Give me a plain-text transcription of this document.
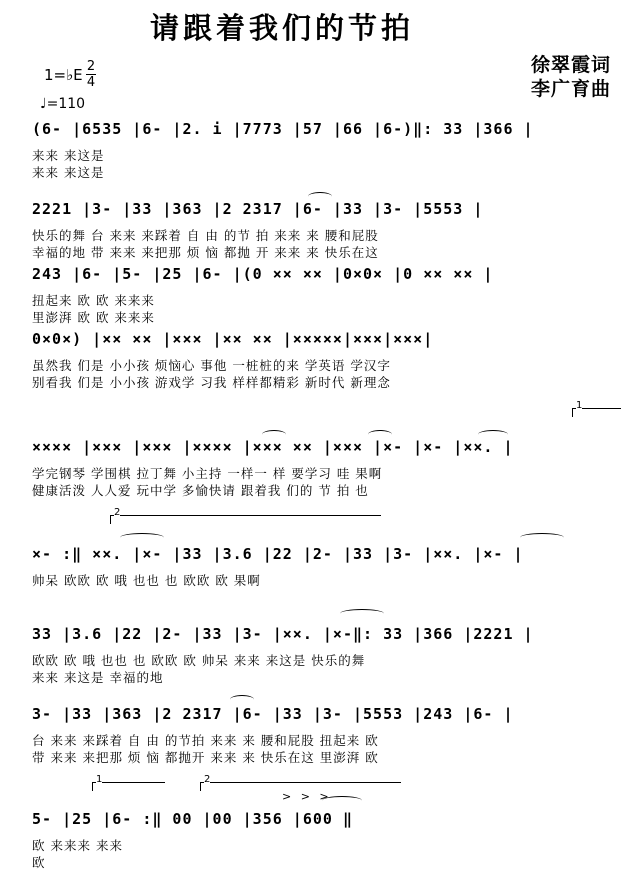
请跟着我们的节拍
徐翠霞词
李广育曲
1=♭E 2
4
♩=110
(6- |6535 |6- |2. i |7773 |57 |66 |6-)‖: 33 |366 |
来来 来这是
来来 来这是
2221 |3- |33 |363 |2 2317 |6- |33 |3- |5553 |
快乐的舞 台 来来 来踩着 自 由 的节 拍 来来 来 腰和屁股
幸福的地 带 来来 来把那 烦 恼 都抛 开 来来 来 快乐在这
243 |6- |5- |25 |6- |(0 ×× ×× |0×0× |0 ×× ×× |
扭起来 欧 欧 来来来
里澎湃 欧 欧 来来来
0×0×) |×× ×× |××× |×× ×× |×××××|×××|×××|
虽然我 们是 小小孩 烦恼心 事他 一桩桩的来 学英语 学汉字
别看我 们是 小小孩 游戏学 习我 样样都精彩 新时代 新理念
1
×××× |××× |××× |×××× |××× ×× |××× |×- |×- |××. |
学完钢琴 学围棋 拉丁舞 小主持 一样一 样 要学习 哇 果啊
健康活泼 人人爱 玩中学 多愉快请 跟着我 们的 节 拍 也
2
×- :‖ ××. |×- |33 |3.6 |22 |2- |33 |3- |××. |×- |
帅呆 欧欧 欧 哦 也也 也 欧欧 欧 果啊
33 |3.6 |22 |2- |33 |3- |××. |×-‖: 33 |366 |2221 |
欧欧 欧 哦 也也 也 欧欧 欧 帅呆 来来 来这是 快乐的舞
来来 来这是 幸福的地
3- |33 |363 |2 2317 |6- |33 |3- |5553 |243 |6- |
台 来来 来踩着 自 由 的节拍 来来 来 腰和屁股 扭起来 欧
带 来来 来把那 烦 恼 都抛开 来来 来 快乐在这 里澎湃 欧
1	2
> > >
5- |25 |6- :‖ 00 |00 |356 |600 ‖
欧 来来来 来来
欧
